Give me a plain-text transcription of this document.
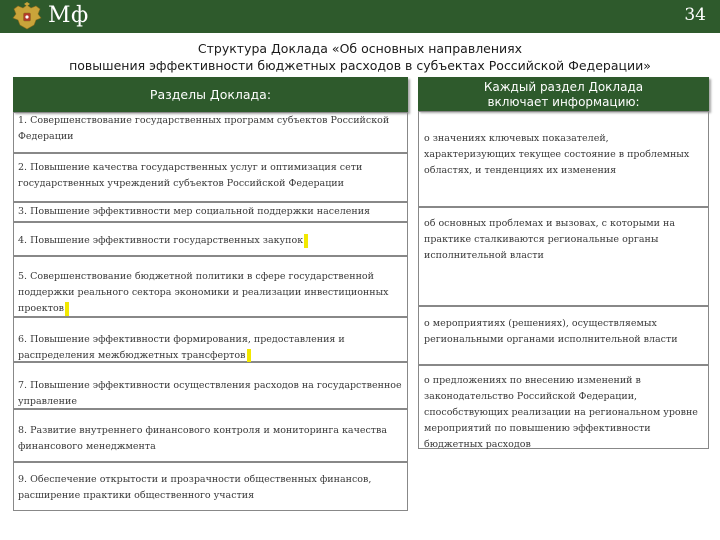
Мф	34
Структура Доклада «Об основных направлениях
повышения эффективности бюджетных расходов в субъектах Российской Федерации»
Разделы Доклада:	Каждый раздел Доклада
включает информацию:
1. Совершенствование государственных программ субъектов Российской Федерации
2. Повышение качества государственных услуг и оптимизация сети государственных учреждений субъектов Российской Федерации
3. Повышение эффективности мер социальной поддержки населения
4. Повышение эффективности государственных закупок
5. Совершенствование бюджетной политики в сфере государственной поддержки реального сектора экономики и реализации инвестиционных проектов
6. Повышение эффективности формирования, предоставления и распределения межбюджетных трансфертов
7. Повышение эффективности осуществления расходов на государственное управление
8. Развитие внутреннего финансового контроля и мониторинга качества финансового менеджмента
9. Обеспечение открытости и прозрачности общественных финансов, расширение практики общественного участия
о значениях ключевых показателей, характеризующих текущее состояние в проблемных областях, и тенденциях их изменения
об основных проблемах и вызовах, с которыми на практике сталкиваются региональные органы исполнительной власти
о мероприятиях (решениях), осуществляемых региональными органами исполнительной власти
о предложениях по внесению изменений в законодательство Российской Федерации, способствующих реализации на региональном уровне мероприятий по повышению эффективности бюджетных расходов
